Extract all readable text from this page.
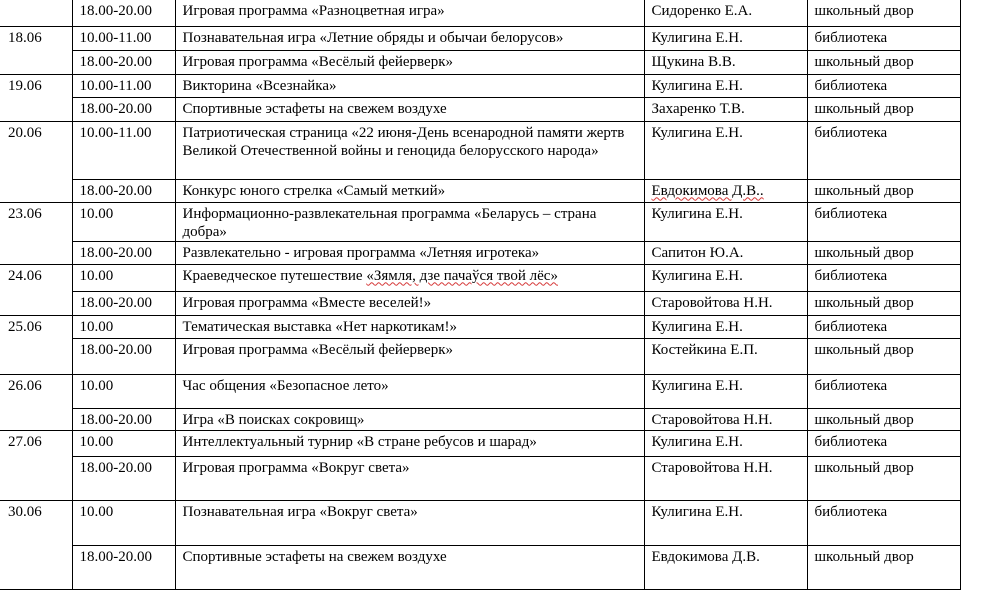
	18.00-20.00	Игровая программа «Разноцветная игра»	Сидоренко Е.А.	школьный двор
18.06	10.00-11.00	Познавательная игра «Летние обряды и обычаи белорусов»	Кулигина Е.Н.	библиотека
	18.00-20.00	Игровая программа «Весёлый фейерверк»	Щукина В.В.	школьный двор
19.06	10.00-11.00	Викторина «Всезнайка»	Кулигина Е.Н.	библиотека
	18.00-20.00	Спортивные эстафеты на свежем воздухе	Захаренко Т.В.	школьный двор
20.06	10.00-11.00	Патриотическая страница «22 июня-День всенародной памяти жертв Великой Отечественной войны и геноцида белорусского народа»	Кулигина Е.Н.	библиотека
	18.00-20.00	Конкурс юного стрелка «Самый меткий»	Евдокимова Д.В..	школьный двор
23.06	10.00	Информационно-развлекательная программа «Беларусь – страна добра»	Кулигина Е.Н.	библиотека
	18.00-20.00	Развлекательно - игровая программа «Летняя игротека»	Сапитон Ю.А.	школьный двор
24.06	10.00	Краеведческое путешествие «Зямля, дзе пачаўся твой лёс»	Кулигина Е.Н.	библиотека
	18.00-20.00	Игровая программа «Вместе веселей!»	Старовойтова Н.Н.	школьный двор
25.06	10.00	Тематическая выставка «Нет наркотикам!»	Кулигина Е.Н.	библиотека
	18.00-20.00	Игровая программа «Весёлый фейерверк»	Костейкина Е.П.	школьный двор
26.06	10.00	Час общения «Безопасное лето»	Кулигина Е.Н.	библиотека
	18.00-20.00	Игра «В поисках сокровищ»	Старовойтова Н.Н.	школьный двор
27.06	10.00	Интеллектуальный турнир «В стране ребусов и шарад»	Кулигина Е.Н.	библиотека
	18.00-20.00	Игровая программа «Вокруг света»	Старовойтова Н.Н.	школьный двор
30.06	10.00	Познавательная игра «Вокруг света»	Кулигина Е.Н.	библиотека
	18.00-20.00	Спортивные эстафеты на свежем воздухе	Евдокимова Д.В.	школьный двор
